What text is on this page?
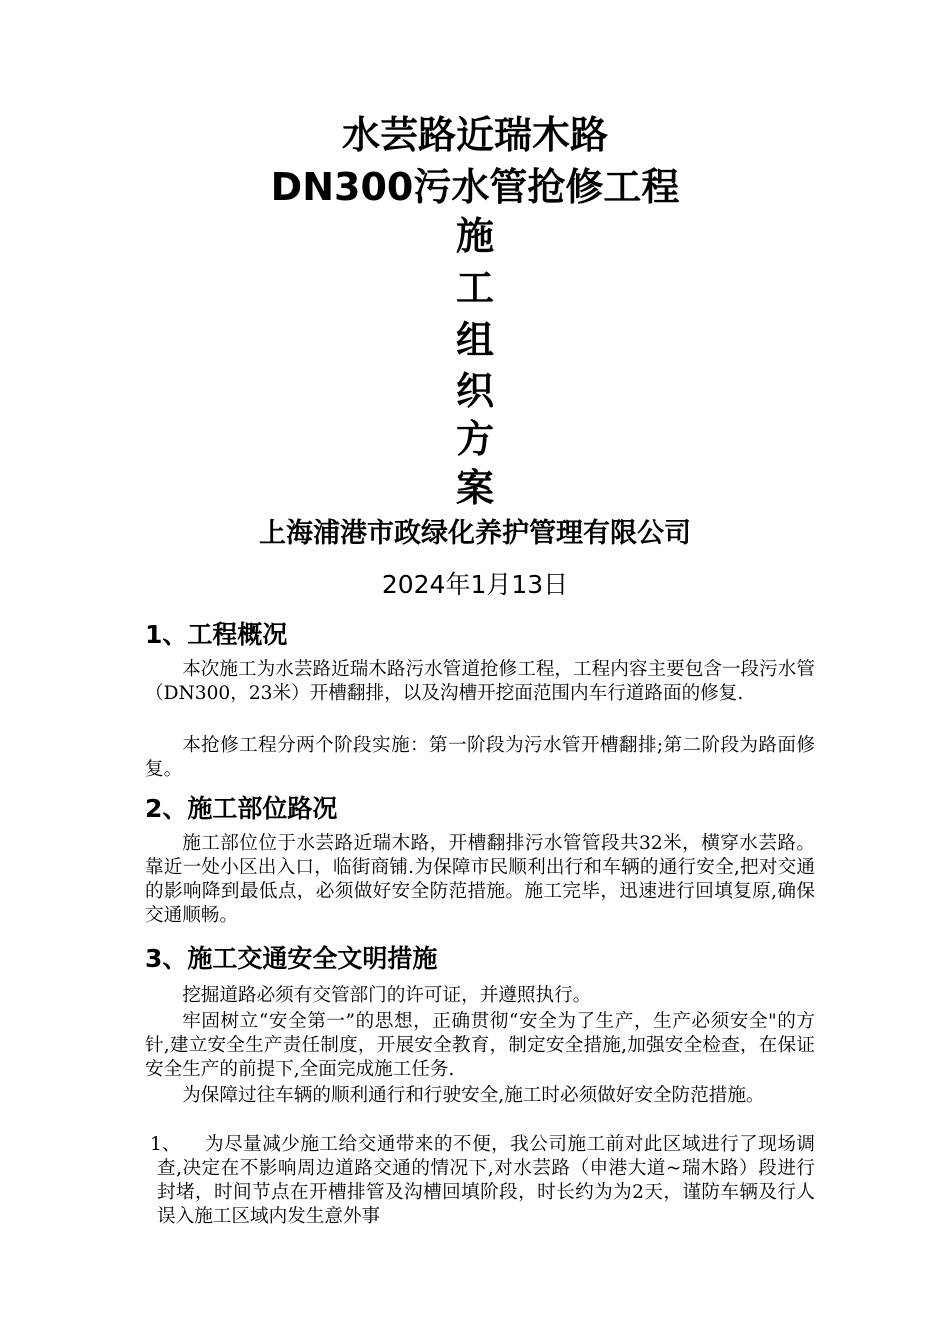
水芸路近瑞木路
DN300污水管抢修工程
施
工
组
织
方
案
上海浦港市政绿化养护管理有限公司
2024年1月13日
1、工程概况

本次施工为水芸路近瑞木路污水管道抢修工程，工程内容主要包含一段污水管（DN300，23米）开槽翻排，以及沟槽开挖面范围内车行道路面的修复.

本抢修工程分两个阶段实施：第一阶段为污水管开槽翻排;第二阶段为路面修复。

2、施工部位路况

施工部位位于水芸路近瑞木路，开槽翻排污水管管段共32米，横穿水芸路。靠近一处小区出入口，临街商铺.为保障市民顺利出行和车辆的通行安全,把对交通的影响降到最低点，必须做好安全防范措施。施工完毕，迅速进行回填复原,确保交通顺畅。

3、施工交通安全文明措施

挖掘道路必须有交管部门的许可证，并遵照执行。

牢固树立“安全第一”的思想，正确贯彻“安全为了生产，生产必须安全"的方针,建立安全生产责任制度，开展安全教育，制定安全措施,加强安全检查，在保证安全生产的前提下,全面完成施工任务.

为保障过往车辆的顺利通行和行驶安全,施工时必须做好安全防范措施。

1、	为尽量减少施工给交通带来的不便，我公司施工前对此区域进行了现场调查,决定在不影响周边道路交通的情况下,对水芸路（申港大道~瑞木路）段进行封堵，时间节点在开槽排管及沟槽回填阶段，时长约为为2天，谨防车辆及行人误入施工区域内发生意外事
